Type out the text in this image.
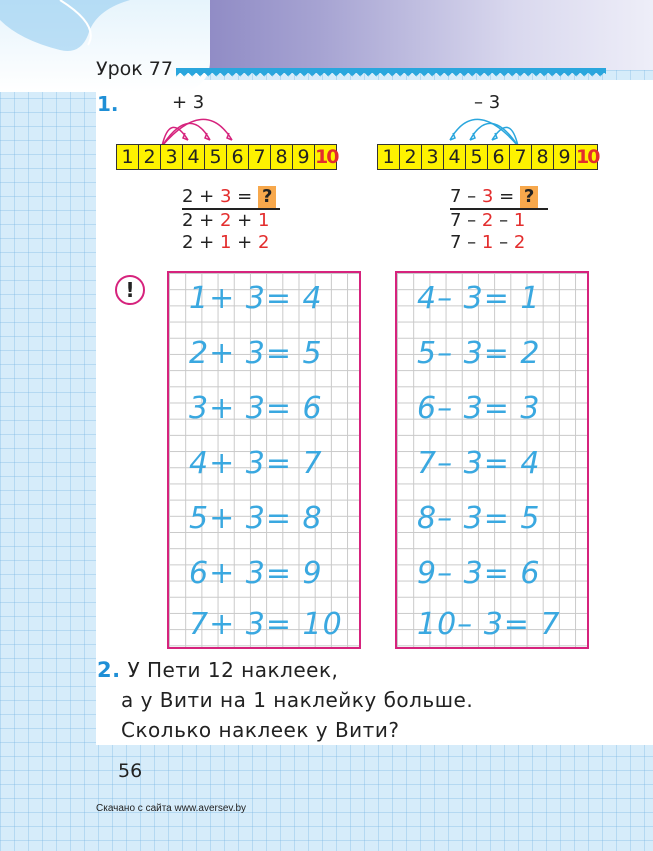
Урок 77
1.	+ 3
1 2 3 4 5 6 7 8 9 10
– 3
1 2 3 4 5 6 7 8 9 10
2 + 3 = ?
2 + 2 + 1
2 + 1 + 2
7 – 3 = ?
7 – 2 – 1
7 – 1 – 2
!	1+ 3= 4
2+ 3= 5
3+ 3= 6
4+ 3= 7
5+ 3= 8
6+ 3= 9
7+ 3= 10
4– 3= 1
5– 3= 2
6– 3= 3
7– 3= 4
8– 3= 5
9– 3= 6
10– 3= 7
2. У Пети 12 наклеек,
а у Вити на 1 наклейку больше.
Сколько наклеек у Вити?
56
Скачано с сайта www.aversev.by
